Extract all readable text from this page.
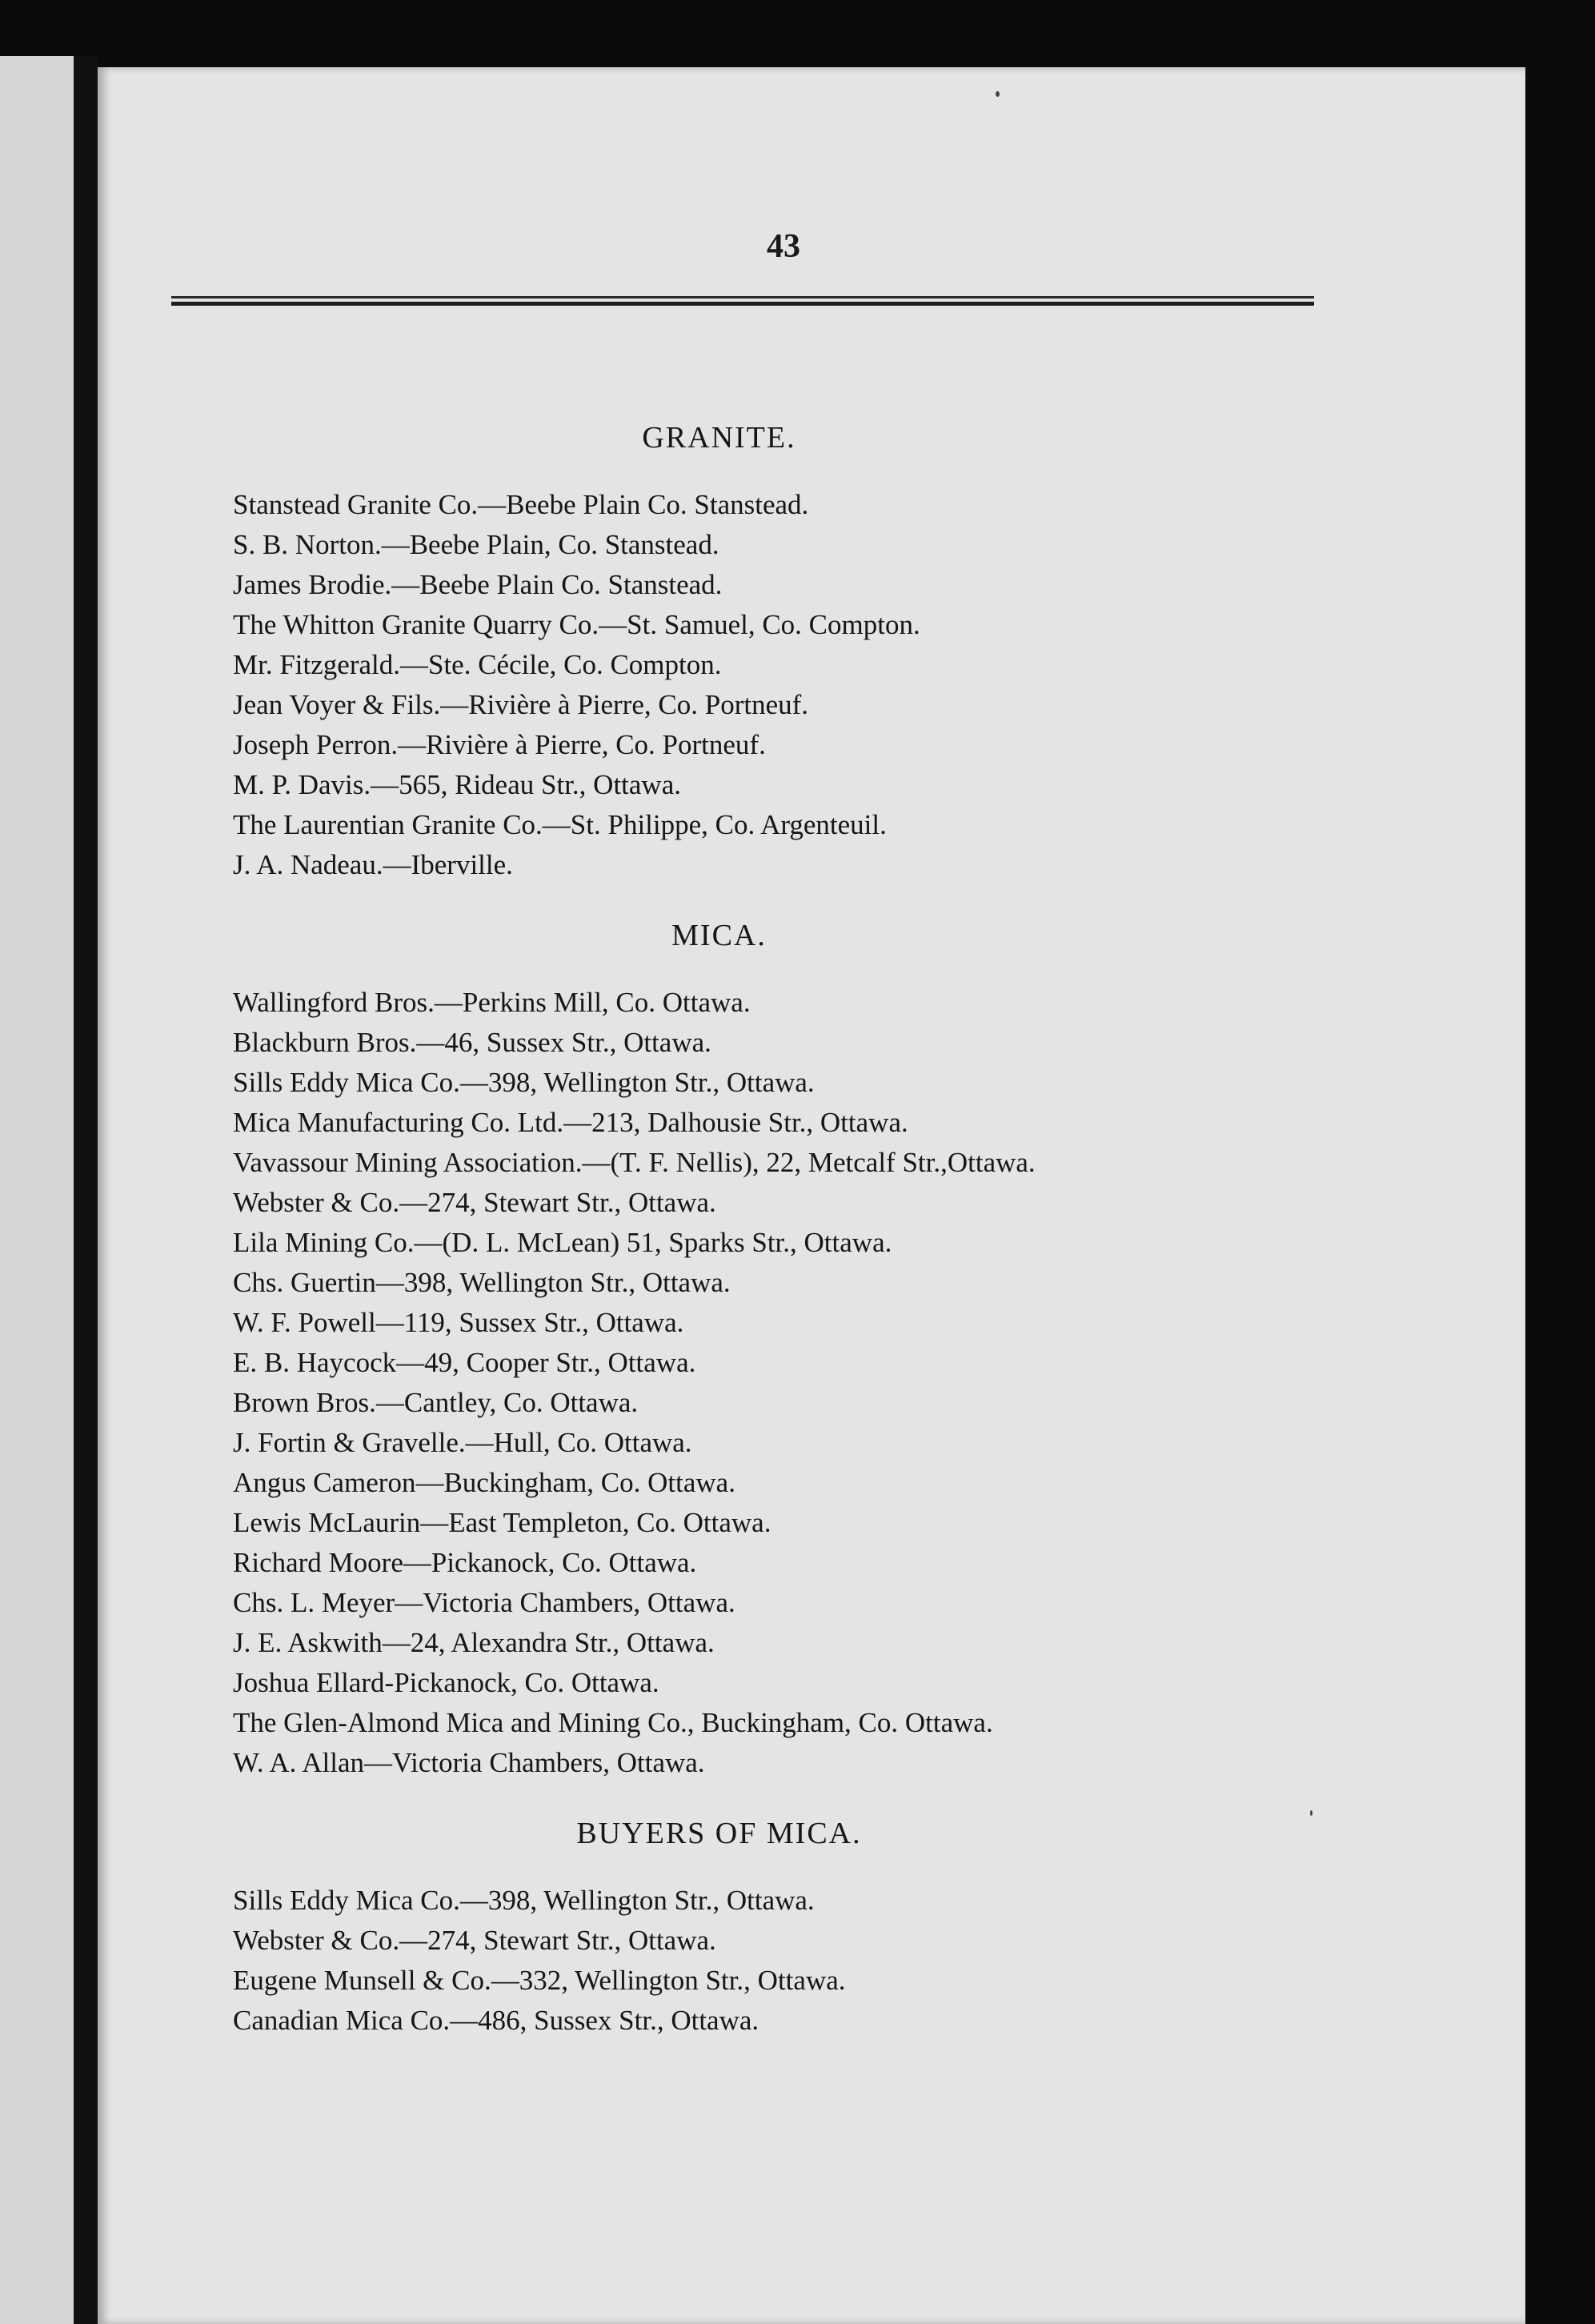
43
GRANITE.
Stanstead Granite Co.—Beebe Plain Co. Stanstead.
S. B. Norton.—Beebe Plain, Co. Stanstead.
James Brodie.—Beebe Plain Co. Stanstead.
The Whitton Granite Quarry Co.—St. Samuel, Co. Compton.
Mr. Fitzgerald.—Ste. Cécile, Co. Compton.
Jean Voyer & Fils.—Rivière à Pierre, Co. Portneuf.
Joseph Perron.—Rivière à Pierre, Co. Portneuf.
M. P. Davis.—565, Rideau Str., Ottawa.
The Laurentian Granite Co.—St. Philippe, Co. Argenteuil.
J. A. Nadeau.—Iberville.
MICA.
Wallingford Bros.—Perkins Mill, Co. Ottawa.
Blackburn Bros.—46, Sussex Str., Ottawa.
Sills Eddy Mica Co.—398, Wellington Str., Ottawa.
Mica Manufacturing Co. Ltd.—213, Dalhousie Str., Ottawa.
Vavassour Mining Association.—(T. F. Nellis), 22, Metcalf Str.,Ottawa.
Webster & Co.—274, Stewart Str., Ottawa.
Lila Mining Co.—(D. L. McLean) 51, Sparks Str., Ottawa.
Chs. Guertin—398, Wellington Str., Ottawa.
W. F. Powell—119, Sussex Str., Ottawa.
E. B. Haycock—49, Cooper Str., Ottawa.
Brown Bros.—Cantley, Co. Ottawa.
J. Fortin & Gravelle.—Hull, Co. Ottawa.
Angus Cameron—Buckingham, Co. Ottawa.
Lewis McLaurin—East Templeton, Co. Ottawa.
Richard Moore—Pickanock, Co. Ottawa.
Chs. L. Meyer—Victoria Chambers, Ottawa.
J. E. Askwith—24, Alexandra Str., Ottawa.
Joshua Ellard-Pickanock, Co. Ottawa.
The Glen-Almond Mica and Mining Co., Buckingham, Co. Ottawa.
W. A. Allan—Victoria Chambers, Ottawa.
BUYERS OF MICA.
Sills Eddy Mica Co.—398, Wellington Str., Ottawa.
Webster & Co.—274, Stewart Str., Ottawa.
Eugene Munsell & Co.—332, Wellington Str., Ottawa.
Canadian Mica Co.—486, Sussex Str., Ottawa.
